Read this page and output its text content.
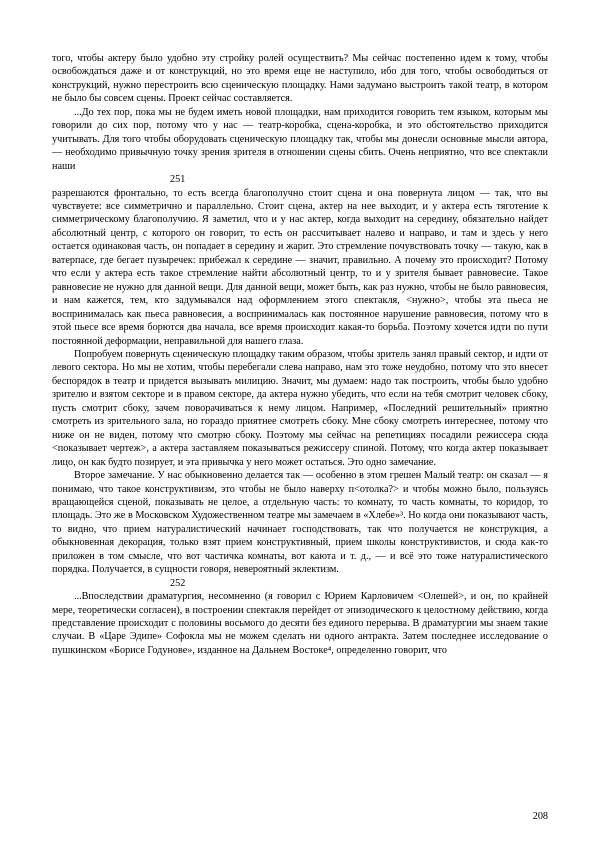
того, чтобы актеру было удобно эту стройку ролей осуществить? Мы сейчас постепенно идем к тому, чтобы освобождаться даже и от конструкций, но это время еще не наступило, ибо для того, чтобы освободиться от конструкций, нужно перестроить всю сценическую площадку. Нами задумано выстроить такой театр, в котором не было бы совсем сцены. Проект сейчас составляется.

...До тех пор, пока мы не будем иметь новой площадки, нам приходится говорить тем языком, которым мы говорили до сих пор, потому что у нас — театр-коробка, сцена-коробка, и это обстоятельство приходится учитывать. Для того чтобы оборудовать сценическую площадку так, чтобы мы донесли основные мысли автора, — необходимо привычную точку зрения зрителя в отношении сцены сбить. Очень неприятно, что все спектакли наши

251

разрешаются фронтально, то есть всегда благополучно стоит сцена и она повернута лицом — так, что вы чувствуете: все симметрично и параллельно. Стоит сцена, актер на нее выходит, и у актера есть тяготение к симметрическому благополучию. Я заметил, что и у нас актер, когда выходит на середину, обязательно найдет абсолютный центр, с которого он говорит, то есть он рассчитывает налево и направо, и там и здесь у него остается одинаковая часть, он попадает в середину и жарит. Это стремление почувствовать точку — такую, как в ватерпасе, где бегает пузыречек: прибежал к середине — значит, правильно. А почему это происходит? Потому что если у актера есть такое стремление найти абсолютный центр, то и у зрителя бывает равновесие. Такое равновесие не нужно для данной вещи. Для данной вещи, может быть, как раз нужно, чтобы не было равновесия, и нам кажется, тем, кто задумывался над оформлением этого спектакля, <нужно>, чтобы эта пьеса не воспринималась как пьеса равновесия, а воспринималась как постоянное нарушение равновесия, потому что в этой пьесе все время борются два начала, все время происходит какая-то борьба. Поэтому хочется идти по пути постоянной деформации, неправильной для нашего глаза.

Попробуем повернуть сценическую площадку таким образом, чтобы зритель занял правый сектор, и идти от левого сектора. Но мы не хотим, чтобы перебегали слева направо, нам это тоже неудобно, потому что это внесет беспорядок в театр и придется вызывать милицию. Значит, мы думаем: надо так построить, чтобы было удобно зрителю и взятом секторе и в правом секторе, да актера нужно убедить, что если на тебя смотрит человек сбоку, пусть смотрит сбоку, зачем поворачиваться к нему лицом. Например, «Последний решительный» приятно смотреть из зрительного зала, но гораздо приятнее смотреть сбоку. Мне сбоку смотреть интереснее, потому что ниже он не виден, потому что смотрю сбоку. Поэтому мы сейчас на репетициях посадили режиссера сюда <показывает чертеж>, а актера заставляем показываться режиссеру спиной. Потому, что когда актер показывает лицо, он как будто позирует, и эта привычка у него может остаться. Это одно замечание.

Второе замечание. У нас обыкновенно делается так — особенно в этом грешен Малый театр: он сказал — я понимаю, что такое конструктивизм, это чтобы не было наверху п<отолка?> и чтобы можно было, пользуясь вращающейся сценой, показывать не целое, а отдельную часть: то комнату, то часть комнаты, то коридор, то площадь. Это же в Московском Художественном театре мы замечаем в «Хлебе»³. Но когда они показывают часть, то видно, что прием натуралистический начинает господствовать, так что получается не конструкция, а обыкновенная декорация, только взят прием конструктивный, прием школы конструктивистов, и сюда как-то приложен в том смысле, что вот частичка комнаты, вот каюта и т. д., — и всё это тоже натуралистического порядка. Получается, в сущности говоря, невероятный эклектизм.

252

...Впоследствии драматургия, несомненно (я говорил с Юрием Карловичем <Олешей>, и он, по крайней мере, теоретически согласен), в построении спектакля перейдет от эпизодического к целостному действию, когда представление происходит с половины восьмого до десяти без единого перерыва. В драматургии мы знаем такие случаи. В «Царе Эдипе» Софокла мы не можем сделать ни одного антракта. Затем последнее исследование о пушкинском «Борисе Годунове», изданное на Дальнем Востоке⁴, определенно говорит, что

208
